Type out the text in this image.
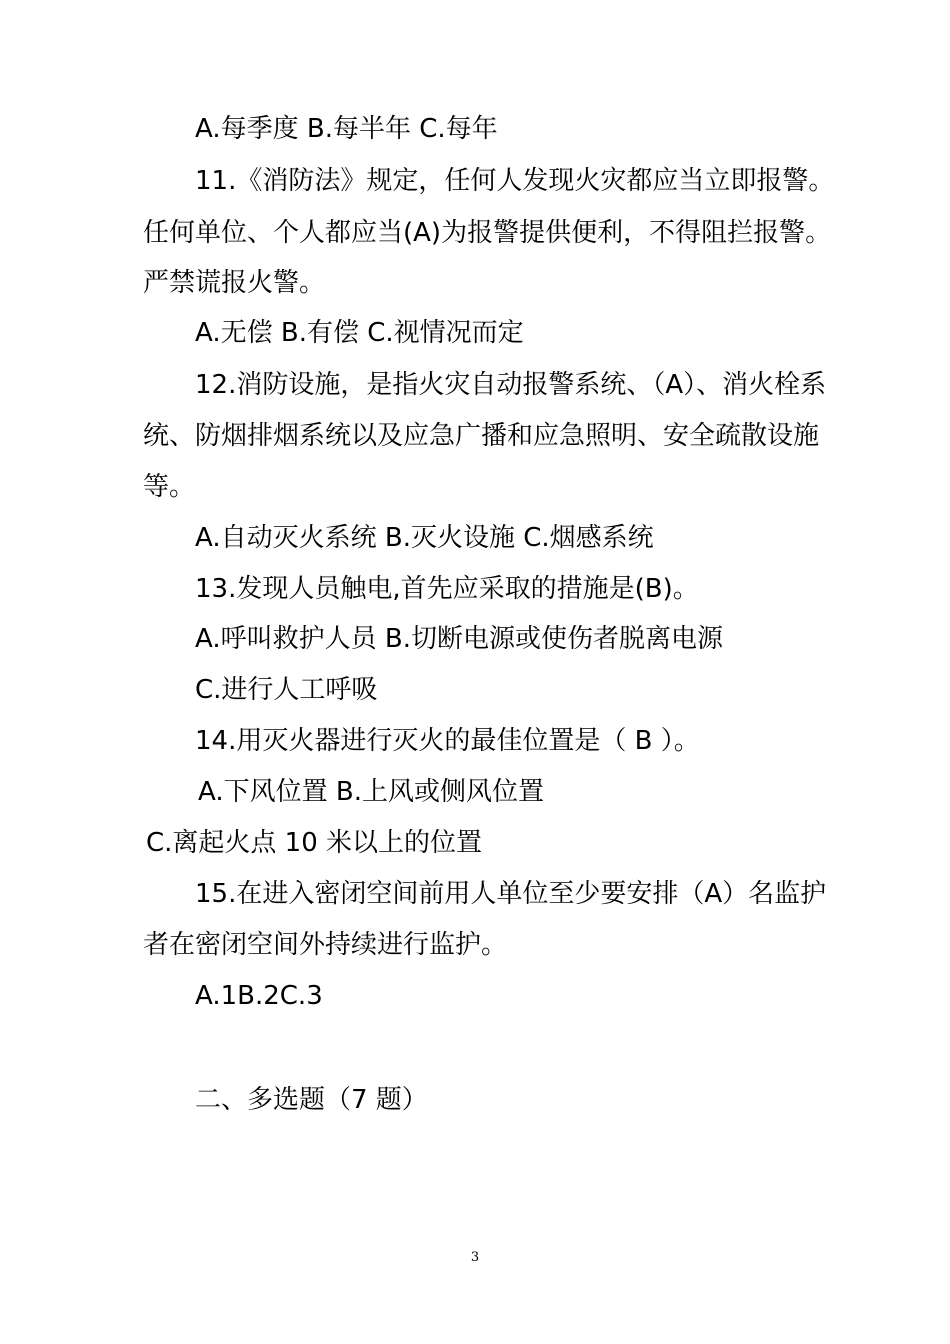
A.每季度 B.每半年 C.每年
11.《消防法》规定，任何人发现火灾都应当立即报警。
任何单位、个人都应当(A)为报警提供便利，不得阻拦报警。
严禁谎报火警。
A.无偿 B.有偿 C.视情况而定
12.消防设施，是指火灾自动报警系统、（A）、消火栓系
统、防烟排烟系统以及应急广播和应急照明、安全疏散设施
等。
A.自动灭火系统 B.灭火设施 C.烟感系统
13.发现人员触电,首先应采取的措施是(B)。
A.呼叫救护人员 B.切断电源或使伤者脱离电源
C.进行人工呼吸
14.用灭火器进行灭火的最佳位置是（ B ）。
A.下风位置 B.上风或侧风位置
C.离起火点 10 米以上的位置
15.在进入密闭空间前用人单位至少要安排（A）名监护
者在密闭空间外持续进行监护。
A.1B.2C.3
二、多选题（7 题）
3
